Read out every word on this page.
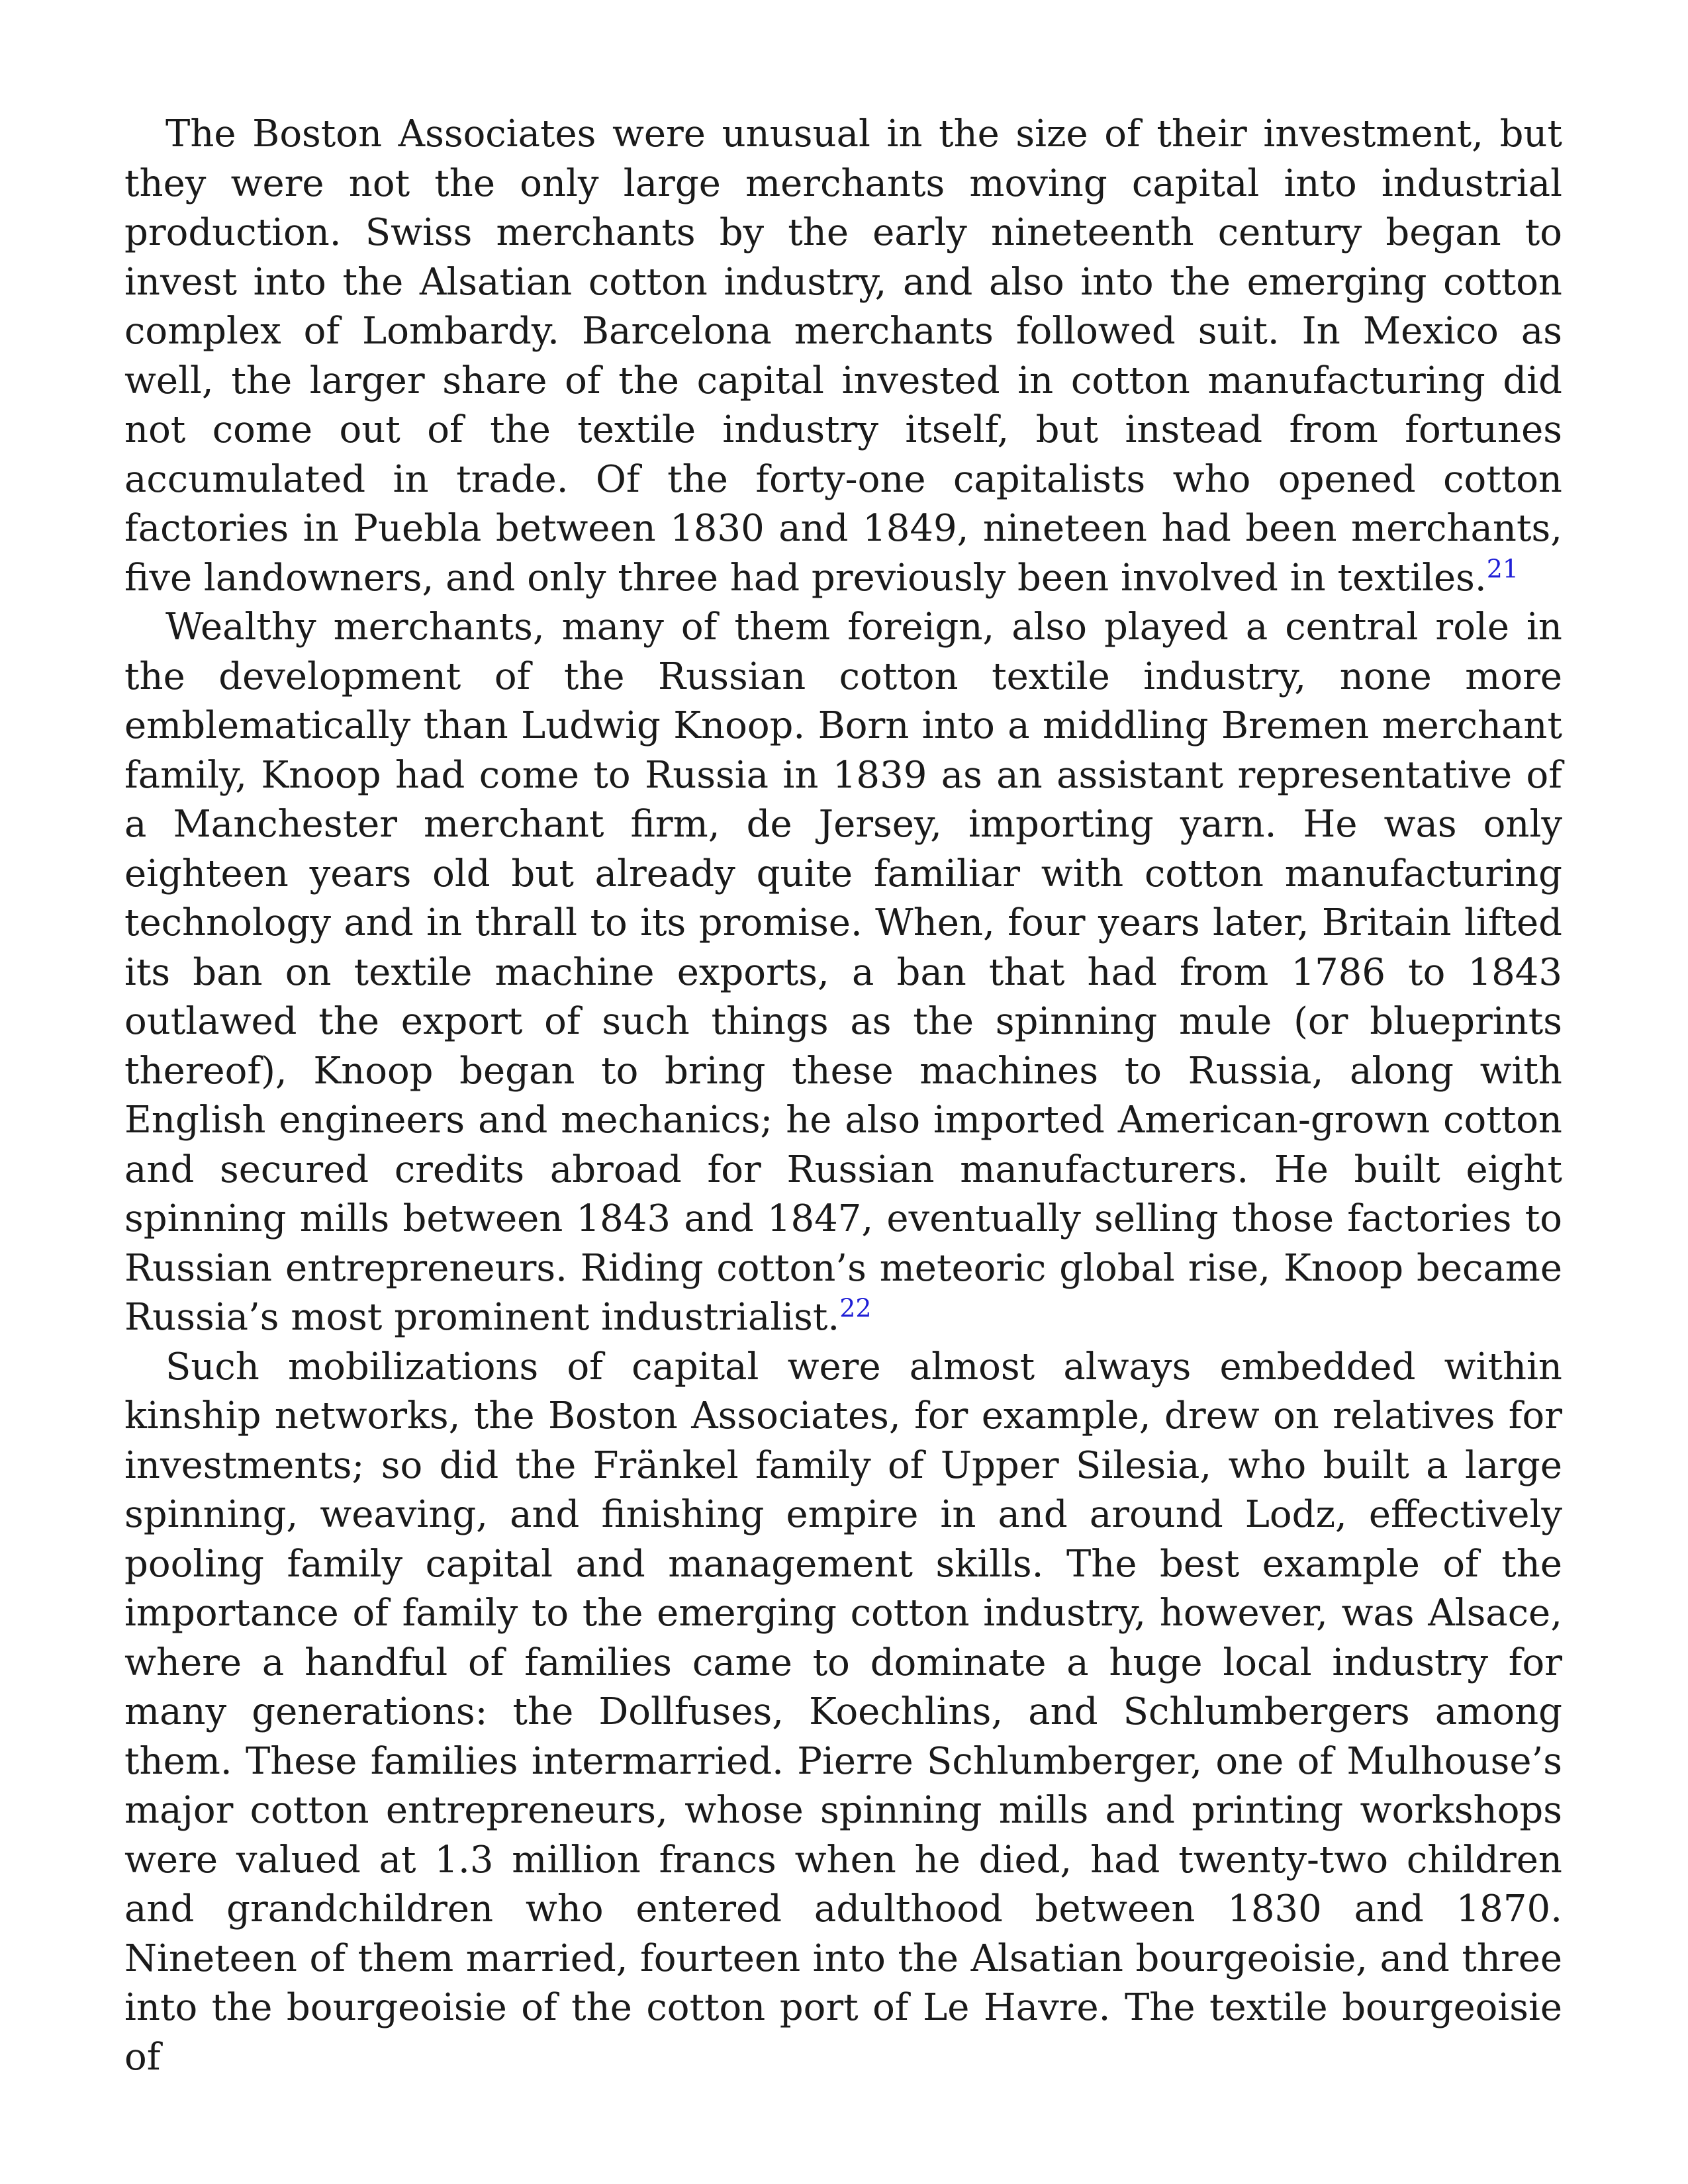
The Boston Associates were unusual in the size of their investment, but they were not the only large merchants moving capital into industrial production. Swiss merchants by the early nineteenth century began to invest into the Alsatian cotton industry, and also into the emerging cotton complex of Lombardy. Barcelona merchants followed suit. In Mexico as well, the larger share of the capital invested in cotton manufacturing did not come out of the textile industry itself, but instead from fortunes accumulated in trade. Of the forty-one capitalists who opened cotton factories in Puebla between 1830 and 1849, nineteen had been merchants, five landowners, and only three had previously been involved in textiles.$^{21}$

Wealthy merchants, many of them foreign, also played a central role in the development of the Russian cotton textile industry, none more emblematically than Ludwig Knoop. Born into a middling Bremen merchant family, Knoop had come to Russia in 1839 as an assistant representative of a Manchester merchant firm, de Jersey, importing yarn. He was only eighteen years old but already quite familiar with cotton manufacturing technology and in thrall to its promise. When, four years later, Britain lifted its ban on textile machine exports, a ban that had from 1786 to 1843 outlawed the export of such things as the spinning mule (or blueprints thereof), Knoop began to bring these machines to Russia, along with English engineers and mechanics; he also imported American-grown cotton and secured credits abroad for Russian manufacturers. He built eight spinning mills between 1843 and 1847, eventually selling those factories to Russian entrepreneurs. Riding cotton’s meteoric global rise, Knoop became Russia’s most prominent industrialist.$^{22}$

Such mobilizations of capital were almost always embedded within kinship networks, the Boston Associates, for example, drew on relatives for investments; so did the Fränkel family of Upper Silesia, who built a large spinning, weaving, and finishing empire in and around Lodz, effectively pooling family capital and management skills. The best example of the importance of family to the emerging cotton industry, however, was Alsace, where a handful of families came to dominate a huge local industry for many generations: the Dollfuses, Koechlins, and Schlumbergers among them. These families intermarried. Pierre Schlumberger, one of Mulhouse’s major cotton entrepreneurs, whose spinning mills and printing workshops were valued at 1.3 million francs when he died, had twenty-two children and grandchildren who entered adulthood between 1830 and 1870. Nineteen of them married, fourteen into the Alsatian bourgeoisie, and three into the bourgeoisie of the cotton port of Le Havre. The textile bourgeoisie of
